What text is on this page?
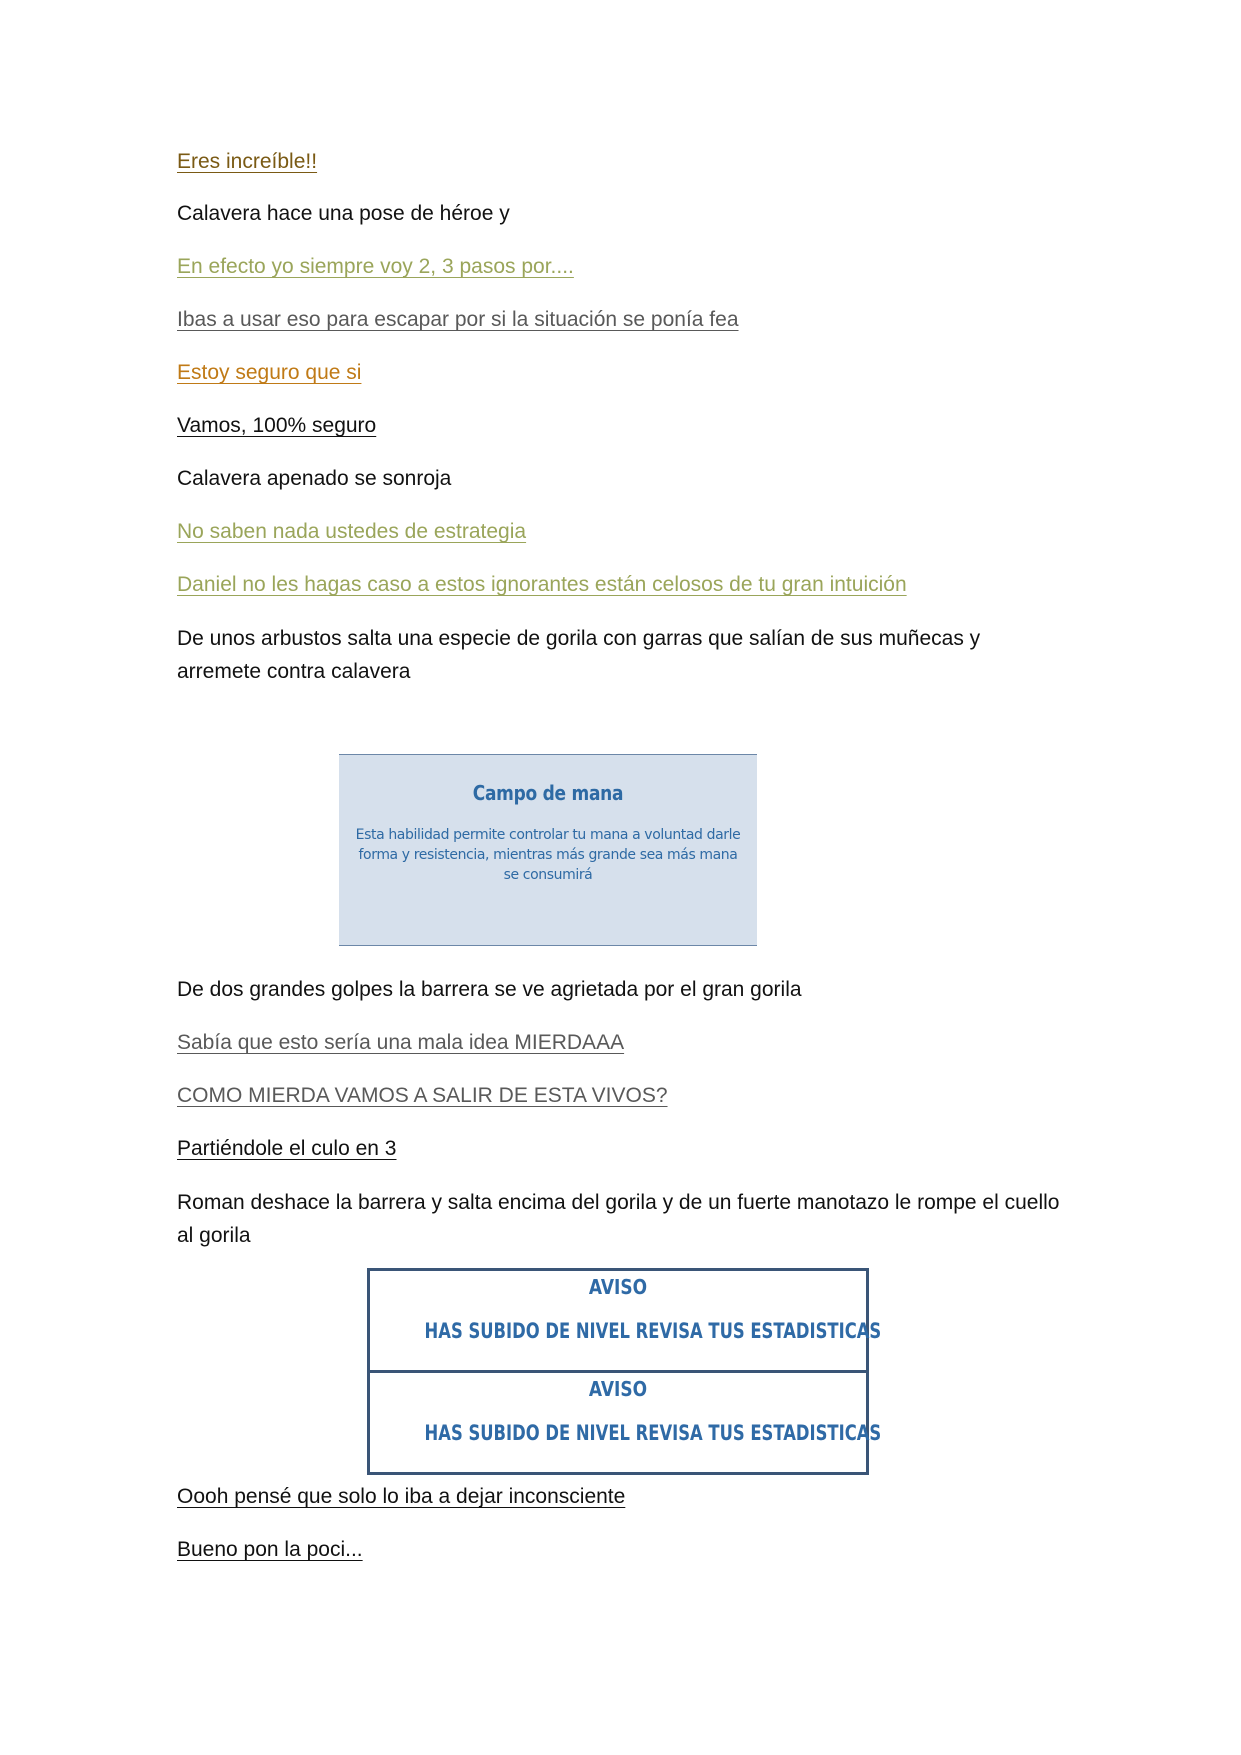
Eres increíble!!

Calavera hace una pose de héroe y

En efecto yo siempre voy 2, 3 pasos por....

Ibas a usar eso para escapar por si la situación se ponía fea

Estoy seguro que si

Vamos, 100% seguro

Calavera apenado se sonroja

No saben nada ustedes de estrategia

Daniel no les hagas caso a estos ignorantes están celosos de tu gran intuición

De unos arbustos salta una especie de gorila con garras que salían de sus muñecas y arremete contra calavera

Campo de mana
Esta habilidad permite controlar tu mana a voluntad darle forma y resistencia, mientras más grande sea más mana se consumirá

De dos grandes golpes la barrera se ve agrietada por el gran gorila

Sabía que esto sería una mala idea MIERDAAA

COMO MIERDA VAMOS A SALIR DE ESTA VIVOS?

Partiéndole el culo en 3

Roman deshace la barrera y salta encima del gorila y de un fuerte manotazo le rompe el cuello al gorila

AVISO
HAS SUBIDO DE NIVEL REVISA TUS ESTADISTICAS
AVISO
HAS SUBIDO DE NIVEL REVISA TUS ESTADISTICAS

Oooh pensé que solo lo iba a dejar inconsciente

Bueno pon la poci...
